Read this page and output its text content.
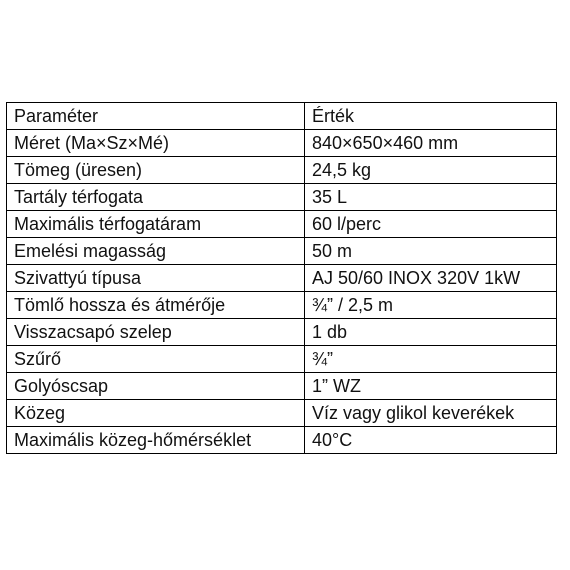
Paraméter	Érték
Méret (Ma×Sz×Mé)	840×650×460 mm
Tömeg (üresen)	24,5 kg
Tartály térfogata	35 L
Maximális térfogatáram	60 l/perc
Emelési magasság	50 m
Szivattyú típusa	AJ 50/60 INOX 320V 1kW
Tömlő hossza és átmérője	¾” / 2,5 m
Visszacsapó szelep	1 db
Szűrő	¾”
Golyóscsap	1” WZ
Közeg	Víz vagy glikol keverékek
Maximális közeg-hőmérséklet	40°C
